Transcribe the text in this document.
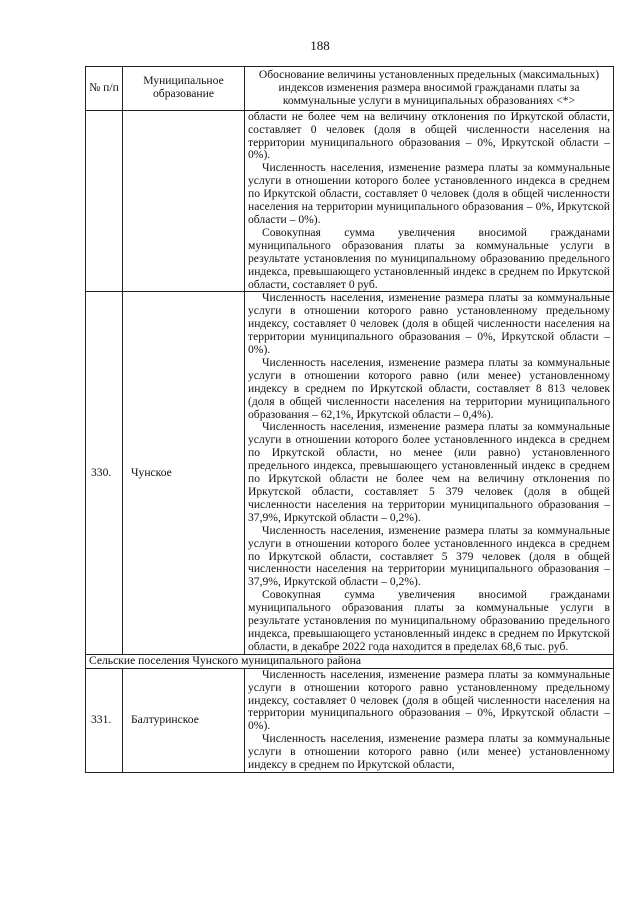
188
№ п/п	Муниципальное образование	Обоснование величины установленных предельных (максимальных) индексов изменения размера вносимой гражданами платы за коммунальные услуги в муниципальных образованиях <*>

		области не более чем на величину отклонения по Иркутской области, составляет 0 человек (доля в общей численности населения на территории муниципального образования – 0%, Иркутской области – 0%).

Численность населения, изменение размера платы за коммунальные услуги в отношении которого более установленного индекса в среднем по Иркутской области, составляет 0 человек (доля в общей численности населения на территории муниципального образования – 0%, Иркутской области – 0%).

Совокупная сумма увеличения вносимой гражданами муниципального образования платы за коммунальные услуги в результате установления по муниципальному образованию предельного индекса, превышающего установленный индекс в среднем по Иркутской области, составляет 0 руб.

330.	Чунское	Численность населения, изменение размера платы за коммунальные услуги в отношении которого равно установленному предельному индексу, составляет 0 человек (доля в общей численности населения на территории муниципального образования – 0%, Иркутской области – 0%).

Численность населения, изменение размера платы за коммунальные услуги в отношении которого равно (или менее) установленному индексу в среднем по Иркутской области, составляет 8 813 человек (доля в общей численности населения на территории муниципального образования – 62,1%, Иркутской области – 0,4%).

Численность населения, изменение размера платы за коммунальные услуги в отношении которого более установленного индекса в среднем по Иркутской области, но менее (или равно) установленного предельного индекса, превышающего установленный индекс в среднем по Иркутской области не более чем на величину отклонения по Иркутской области, составляет 5 379 человек (доля в общей численности населения на территории муниципального образования – 37,9%, Иркутской области – 0,2%).

Численность населения, изменение размера платы за коммунальные услуги в отношении которого более установленного индекса в среднем по Иркутской области, составляет 5 379 человек (доля в общей численности населения на территории муниципального образования – 37,9%, Иркутской области – 0,2%).

Совокупная сумма увеличения вносимой гражданами муниципального образования платы за коммунальные услуги в результате установления по муниципальному образованию предельного индекса, превышающего установленный индекс в среднем по Иркутской области, в декабре 2022 года находится в пределах 68,6 тыс. руб.

Сельские поселения Чунского муниципального района		
331.	Балтуринское	Численность населения, изменение размера платы за коммунальные услуги в отношении которого равно установленному предельному индексу, составляет 0 человек (доля в общей численности населения на территории муниципального образования – 0%, Иркутской области – 0%).

Численность населения, изменение размера платы за коммунальные услуги в отношении которого равно (или менее) установленному индексу в среднем по Иркутской области,
